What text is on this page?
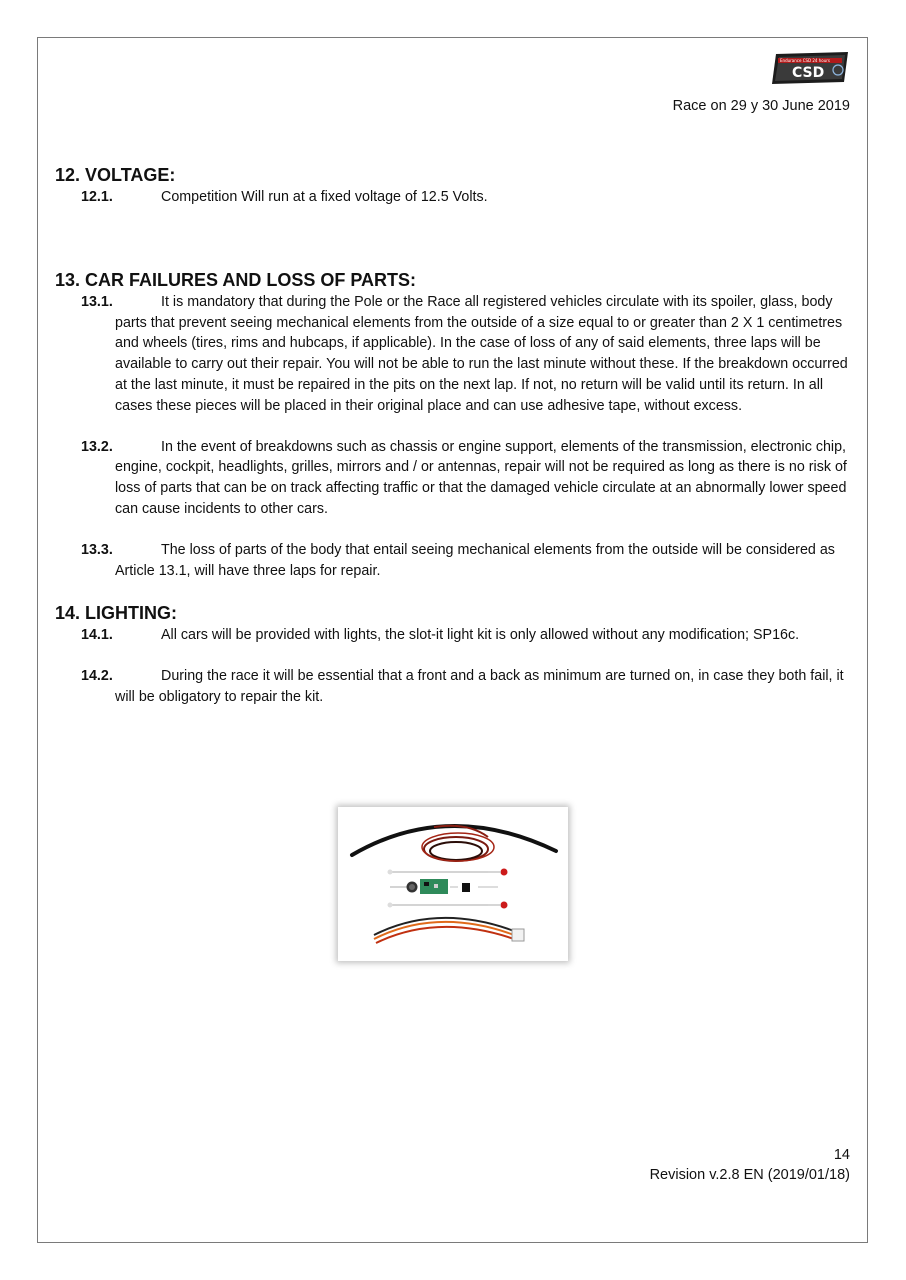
Endurance CSD 24 hours
CSD
Race on 29 y 30 June 2019
12. VOLTAGE:

12.1.	Competition Will run at a fixed voltage of 12.5 Volts.

13. CAR FAILURES AND LOSS OF PARTS:

13.1.	It is mandatory that during the Pole or the Race all registered vehicles circulate with its spoiler, glass, body parts that prevent seeing mechanical elements from the outside of a size equal to or greater than 2 X 1 centimetres and wheels (tires, rims and hubcaps, if applicable). In the case of loss of any of said elements, three laps will be available to carry out their repair. You will not be able to run the last minute without these. If the breakdown occurred at the last minute, it must be repaired in the pits on the next lap. If not, no return will be valid until its return. In all cases these pieces will be placed in their original place and can use adhesive tape, without excess.

13.2.	In the event of breakdowns such as chassis or engine support, elements of the transmission, electronic chip, engine, cockpit, headlights, grilles, mirrors and / or antennas, repair will not be required as long as there is no risk of loss of parts that can be on track affecting traffic or that the damaged vehicle circulate at an abnormally lower speed can cause incidents to other cars.

13.3.	The loss of parts of the body that entail seeing mechanical elements from the outside will be considered as Article 13.1, will have three laps for repair.

14. LIGHTING:

14.1.	All cars will be provided with lights, the slot-it light kit is only allowed without any modification; SP16c.

14.2.	During the race it will be essential that a front and a back as minimum are turned on, in case they both fail, it will be obligatory to repair the kit.

14
Revision v.2.8 EN (2019/01/18)
